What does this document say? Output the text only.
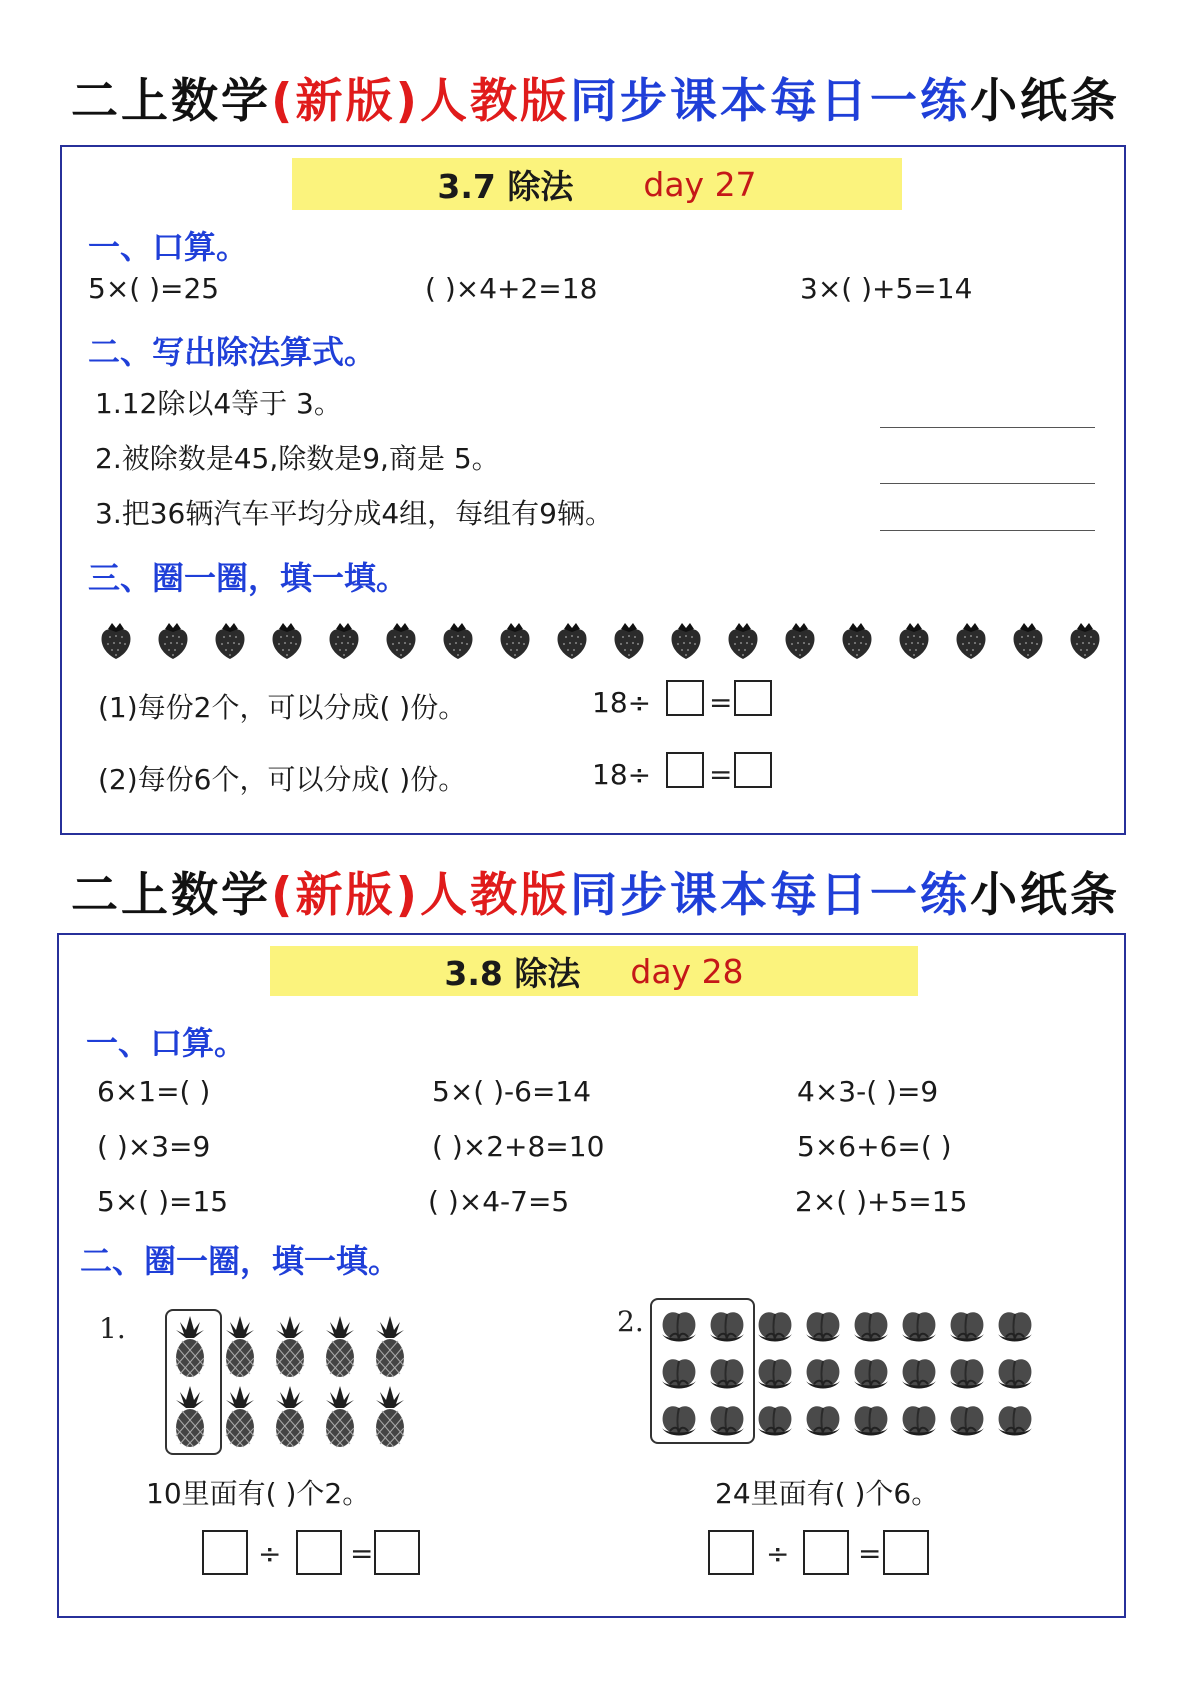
二上数学(新版)人教版同步课本每日一练小纸条
3.7 除法 day 27
一、口算。
5×( )=25	( )×4+2=18	3×( )+5=14
二、写出除法算式。
1.12除以4等于 3。
2.被除数是45,除数是9,商是 5。
3.把36辆汽车平均分成4组，每组有9辆。
三、圈一圈，填一填。
(1)每份2个，可以分成( )份。	18÷ =
(2)每份6个，可以分成( )份。	18÷ =
二上数学(新版)人教版同步课本每日一练小纸条
3.8 除法 day 28
一、口算。
6×1=( )	5×( )-6=14	4×3-( )=9
( )×3=9	( )×2+8=10	5×6+6=( )
5×( )=15	( )×4-7=5	2×( )+5=15
二、圈一圈，填一填。
1.
10里面有( )个2。
÷ =
2.
24里面有( )个6。
÷ =
